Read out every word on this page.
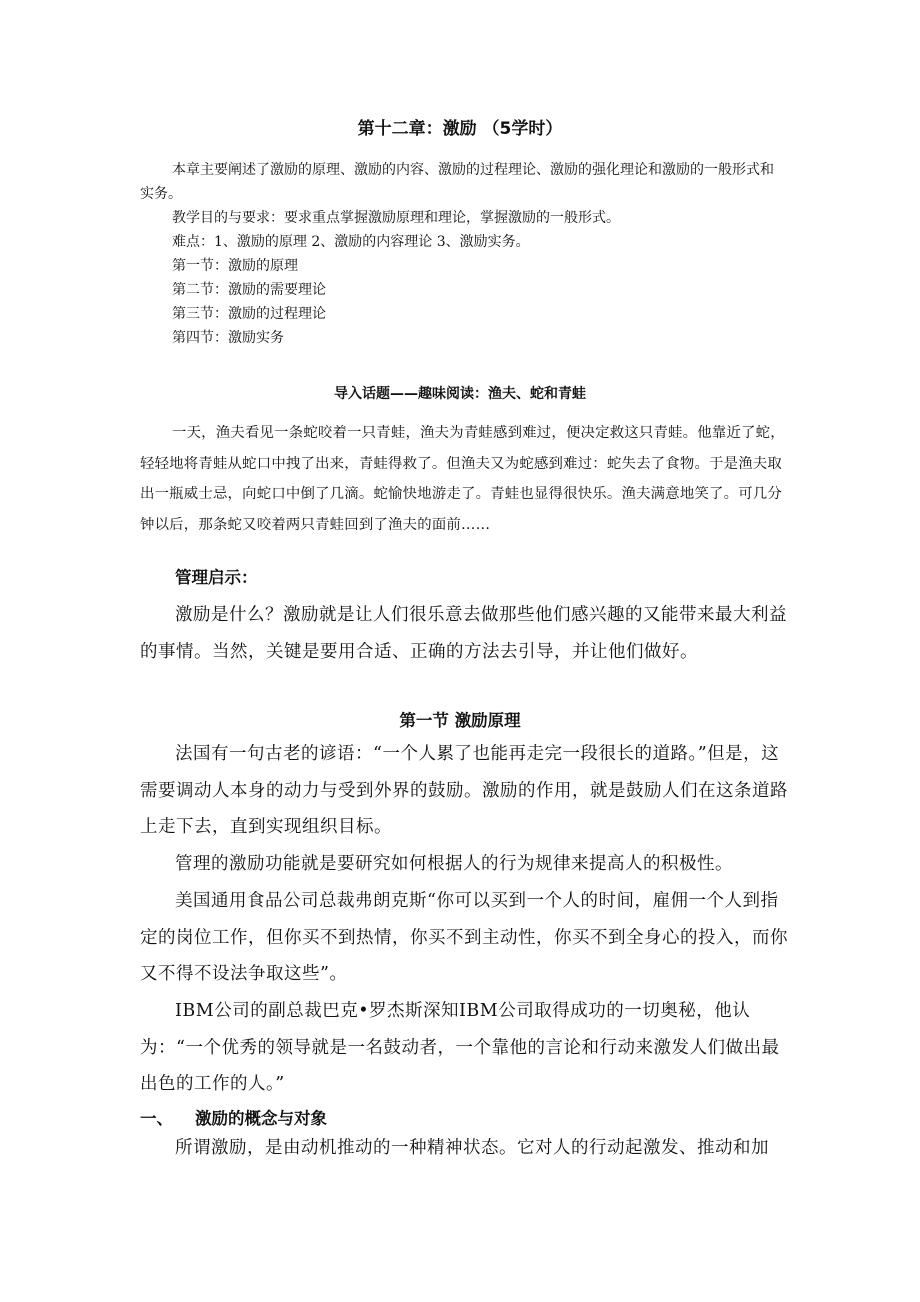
第十二章：激励 （5学时）

本章主要阐述了激励的原理、激励的内容、激励的过程理论、激励的强化理论和激励的一般形式和实务。

教学目的与要求：要求重点掌握激励原理和理论，掌握激励的一般形式。

难点：1、激励的原理 2、激励的内容理论 3、激励实务。

第一节：激励的原理

第二节：激励的需要理论

第三节：激励的过程理论

第四节：激励实务

导入话题——趣味阅读：渔夫、蛇和青蛙

一天，渔夫看见一条蛇咬着一只青蛙，渔夫为青蛙感到难过，便决定救这只青蛙。他靠近了蛇，轻轻地将青蛙从蛇口中拽了出来，青蛙得救了。但渔夫又为蛇感到难过：蛇失去了食物。于是渔夫取出一瓶威士忌，向蛇口中倒了几滴。蛇愉快地游走了。青蛙也显得很快乐。渔夫满意地笑了。可几分钟以后，那条蛇又咬着两只青蛙回到了渔夫的面前……

管理启示：

激励是什么？激励就是让人们很乐意去做那些他们感兴趣的又能带来最大利益的事情。当然，关键是要用合适、正确的方法去引导，并让他们做好。

第一节 激励原理

法国有一句古老的谚语：“一个人累了也能再走完一段很长的道路。”但是，这需要调动人本身的动力与受到外界的鼓励。激励的作用，就是鼓励人们在这条道路上走下去，直到实现组织目标。

管理的激励功能就是要研究如何根据人的行为规律来提高人的积极性。

美国通用食品公司总裁弗朗克斯“你可以买到一个人的时间，雇佣一个人到指定的岗位工作，但你买不到热情，你买不到主动性，你买不到全身心的投入，而你又不得不设法争取这些”。

IBM公司的副总裁巴克•罗杰斯深知IBM公司取得成功的一切奥秘，他认为：“一个优秀的领导就是一名鼓动者，一个靠他的言论和行动来激发人们做出最出色的工作的人。”

一、 激励的概念与对象

所谓激励，是由动机推动的一种精神状态。它对人的行动起激发、推动和加
